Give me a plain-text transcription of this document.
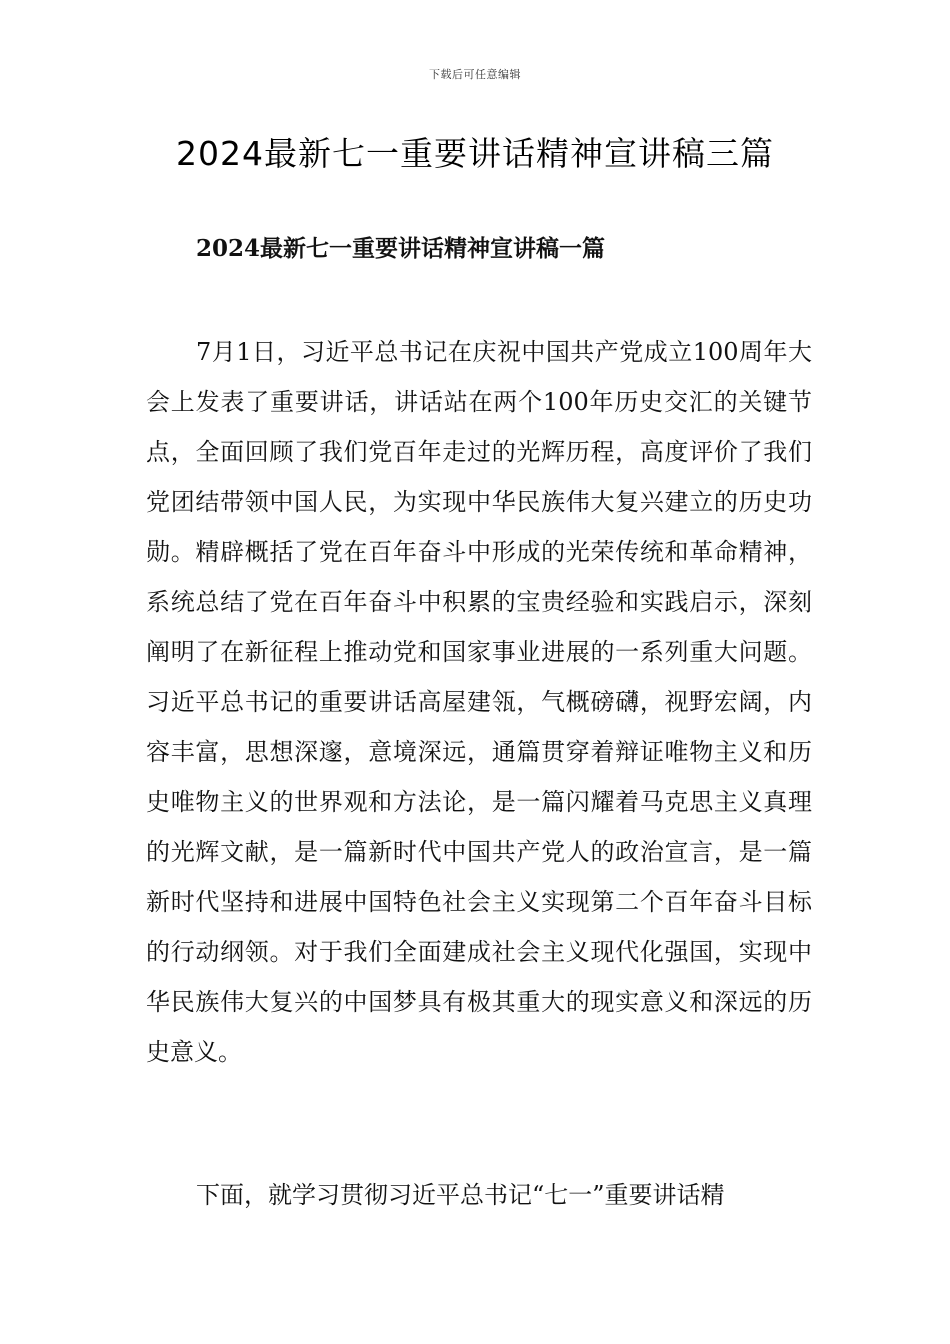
下载后可任意编辑
2024最新七一重要讲话精神宣讲稿三篇
2024最新七一重要讲话精神宣讲稿一篇

7月1日，习近平总书记在庆祝中国共产党成立100周年大会上发表了重要讲话，讲话站在两个100年历史交汇的关键节点，全面回顾了我们党百年走过的光辉历程，高度评价了我们党团结带领中国人民，为实现中华民族伟大复兴建立的历史功勋。精辟概括了党在百年奋斗中形成的光荣传统和革命精神，系统总结了党在百年奋斗中积累的宝贵经验和实践启示，深刻阐明了在新征程上推动党和国家事业进展的一系列重大问题。习近平总书记的重要讲话高屋建瓴，气概磅礴，视野宏阔，内容丰富，思想深邃，意境深远，通篇贯穿着辩证唯物主义和历史唯物主义的世界观和方法论，是一篇闪耀着马克思主义真理的光辉文献，是一篇新时代中国共产党人的政治宣言，是一篇新时代坚持和进展中国特色社会主义实现第二个百年奋斗目标的行动纲领。对于我们全面建成社会主义现代化强国，实现中华民族伟大复兴的中国梦具有极其重大的现实意义和深远的历史意义。

下面，就学习贯彻习近平总书记“七一”重要讲话精
